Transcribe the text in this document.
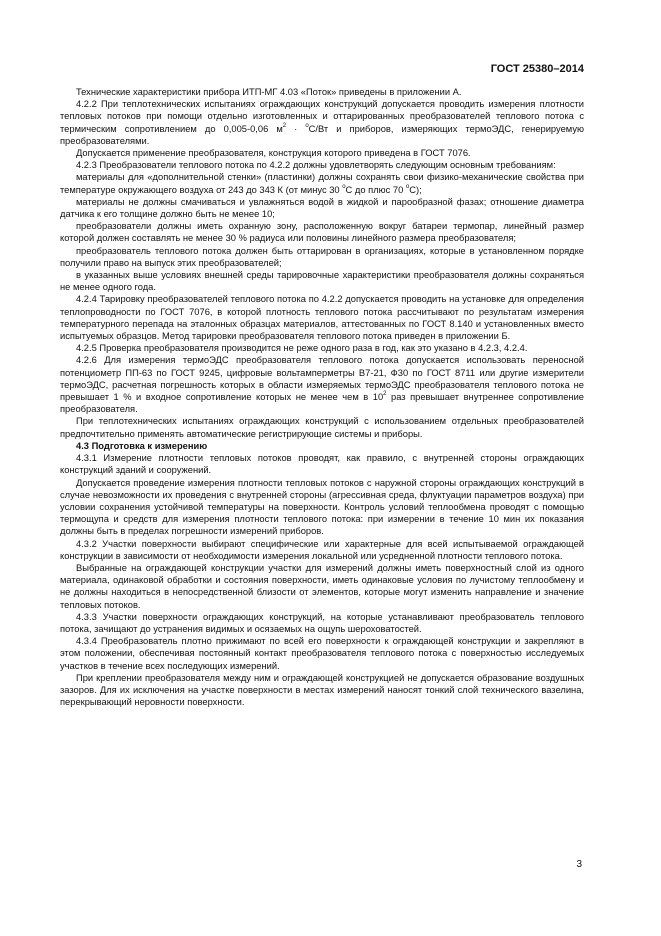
ГОСТ 25380–2014

Технические характеристики прибора ИТП-МГ 4.03 «Поток» приведены в приложении А.

4.2.2 При теплотехнических испытаниях ограждающих конструкций допускается проводить измерения плотности тепловых потоков при помощи отдельно изготовленных и оттарированных преобразователей теплового потока с термическим сопротивлением до 0,005-0,06 $м^2 \cdot ^оС/Вт$ и приборов, измеряющих термоЭДС, генерируемую преобразователями.

Допускается применение преобразователя, конструкция которого приведена в ГОСТ 7076.

4.2.3 Преобразователи теплового потока по 4.2.2 должны удовлетворять следующим основным требованиям:

материалы для «дополнительной стенки» (пластинки) должны сохранять свои физико-механические свойства при температуре окружающего воздуха от 243 до 343 К (от минус 30 $^о$С до плюс 70 $^о$С);

материалы не должны смачиваться и увлажняться водой в жидкой и парообразной фазах; отношение диаметра датчика к его толщине должно быть не менее 10;

преобразователи должны иметь охранную зону, расположенную вокруг батареи термопар, линейный размер которой должен составлять не менее 30 % радиуса или половины линейного размера преобразователя;

преобразователь теплового потока должен быть оттарирован в организациях, которые в установленном порядке получили право на выпуск этих преобразователей;

в указанных выше условиях внешней среды тарировочные характеристики преобразователя должны сохраняться не менее одного года.

4.2.4 Тарировку преобразователей теплового потока по 4.2.2 допускается проводить на установке для определения теплопроводности по ГОСТ 7076, в которой плотность теплового потока рассчитывают по результатам измерения температурного перепада на эталонных образцах материалов, аттестованных по ГОСТ 8.140 и установленных вместо испытуемых образцов. Метод тарировки преобразователя теплового потока приведен в приложении Б.

4.2.5 Проверка преобразователя производится не реже одного раза в год, как это указано в 4.2.3, 4.2.4.

4.2.6 Для измерения термоЭДС преобразователя теплового потока допускается использовать переносной потенциометр ПП-63 по ГОСТ 9245, цифровые вольтамперметры В7-21, Ф30 по ГОСТ 8711 или другие измерители термоЭДС, расчетная погрешность которых в области измеряемых термоЭДС преобразователя теплового потока не превышает 1 % и входное сопротивление которых не менее чем в $10^2$ раз превышает внутреннее сопротивление преобразователя.

При теплотехнических испытаниях ограждающих конструкций с использованием отдельных преобразователей предпочтительно применять автоматические регистрирующие системы и приборы.

4.3 Подготовка к измерению

4.3.1 Измерение плотности тепловых потоков проводят, как правило, с внутренней стороны ограждающих конструкций зданий и сооружений.

Допускается проведение измерения плотности тепловых потоков с наружной стороны ограждающих конструкций в случае невозможности их проведения с внутренней стороны (агрессивная среда, флуктуации параметров воздуха) при условии сохранения устойчивой температуры на поверхности. Контроль условий теплообмена проводят с помощью термощупа и средств для измерения плотности теплового потока: при измерении в течение 10 мин их показания должны быть в пределах погрешности измерений приборов.

4.3.2 Участки поверхности выбирают специфические или характерные для всей испытываемой ограждающей конструкции в зависимости от необходимости измерения локальной или усредненной плотности теплового потока.

Выбранные на ограждающей конструкции участки для измерений должны иметь поверхностный слой из одного материала, одинаковой обработки и состояния поверхности, иметь одинаковые условия по лучистому теплообмену и не должны находиться в непосредственной близости от элементов, которые могут изменить направление и значение тепловых потоков.

4.3.3 Участки поверхности ограждающих конструкций, на которые устанавливают преобразователь теплового потока, зачищают до устранения видимых и осязаемых на ощупь шероховатостей.

4.3.4 Преобразователь плотно прижимают по всей его поверхности к ограждающей конструкции и закрепляют в этом положении, обеспечивая постоянный контакт преобразователя теплового потока с поверхностью исследуемых участков в течение всех последующих измерений.

При креплении преобразователя между ним и ограждающей конструкцией не допускается образование воздушных зазоров. Для их исключения на участке поверхности в местах измерений наносят тонкий слой технического вазелина, перекрывающий неровности поверхности.

3
